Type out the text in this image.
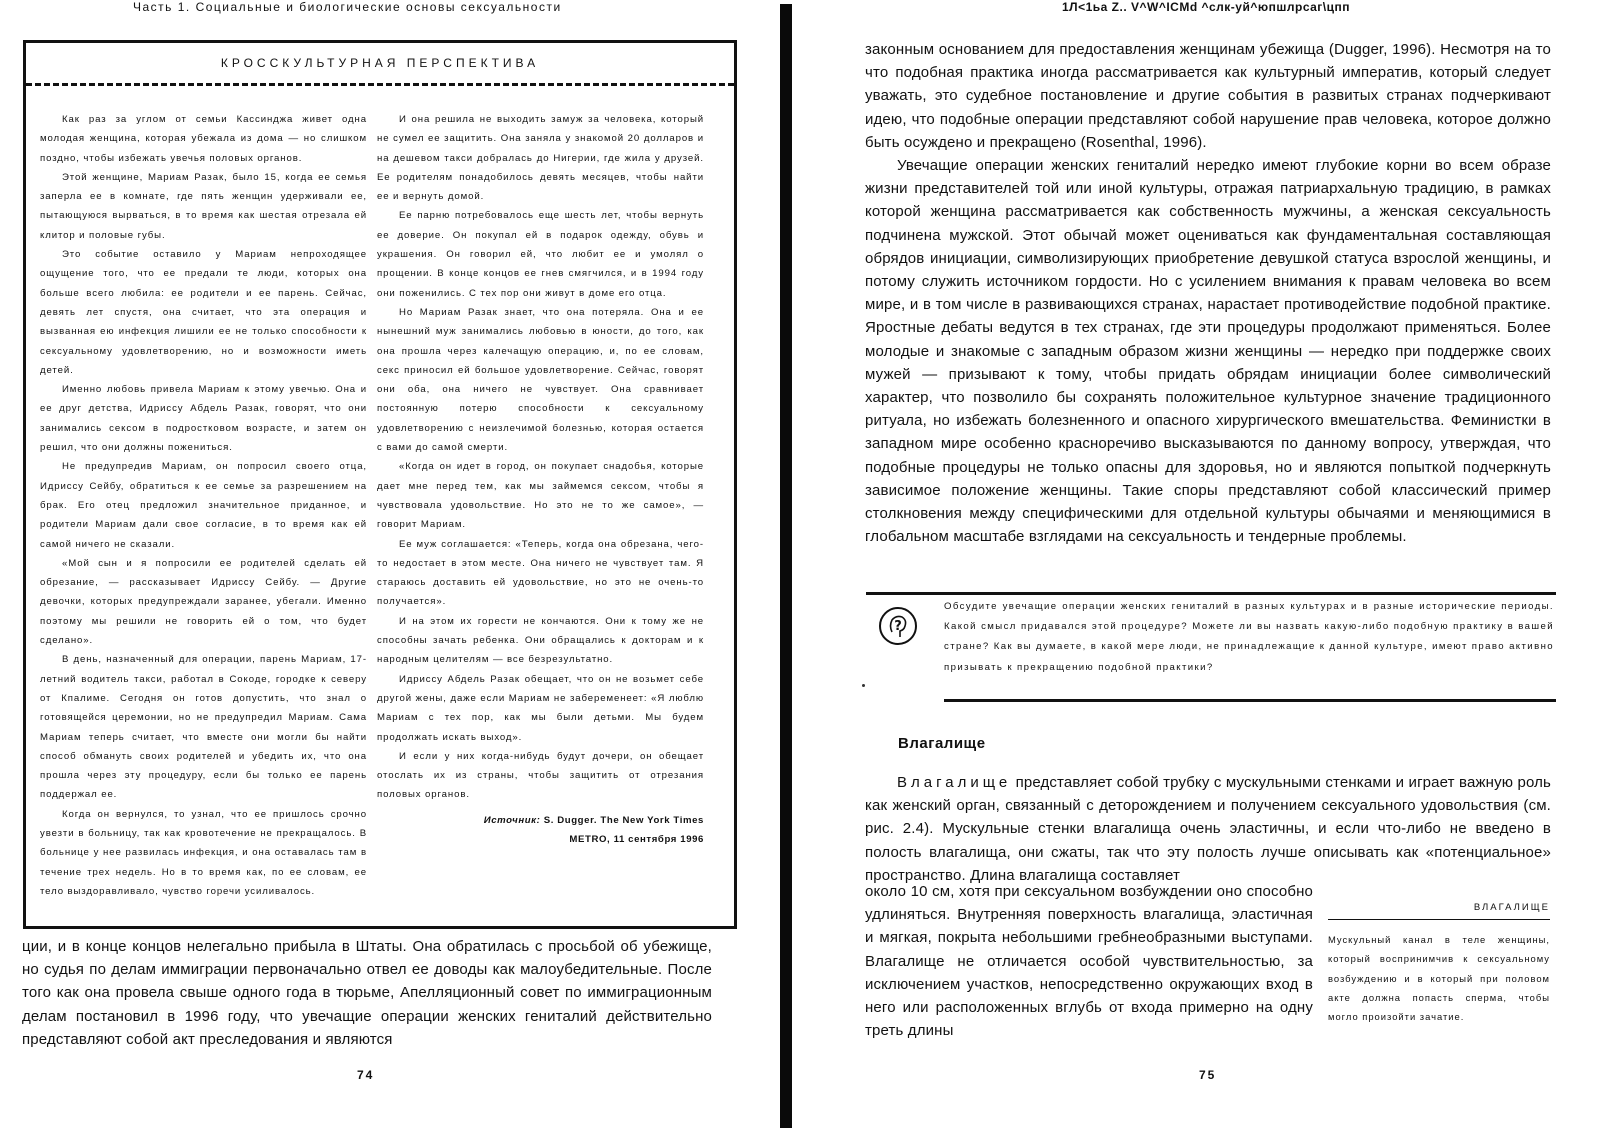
Часть 1. Социальные и биологические основы сексуальности
КРОССКУЛЬТУРНАЯ ПЕРСПЕКТИВА

Как раз за углом от семьи Кассинджа живет одна молодая женщина, которая убежала из дома — но слишком поздно, чтобы избежать увечья половых органов.

Этой женщине, Мариам Разак, было 15, когда ее семья заперла ее в комнате, где пять женщин удерживали ее, пытающуюся вырваться, в то время как шестая отрезала ей клитор и половые губы.

Это событие оставило у Мариам непроходящее ощущение того, что ее предали те люди, которых она больше всего любила: ее родители и ее парень. Сейчас, девять лет спустя, она считает, что эта операция и вызванная ею инфекция лишили ее не только способности к сексуальному удовлетворению, но и возможности иметь детей.

Именно любовь привела Мариам к этому увечью. Она и ее друг детства, Идриссу Абдель Разак, говорят, что они занимались сексом в подростковом возрасте, и затем он решил, что они должны пожениться.

Не предупредив Мариам, он попросил своего отца, Идриссу Сейбу, обратиться к ее семье за разрешением на брак. Его отец предложил значительное приданное, и родители Мариам дали свое согласие, в то время как ей самой ничего не сказали.

«Мой сын и я попросили ее родителей сделать ей обрезание, — рассказывает Идриссу Сейбу. — Другие девочки, которых предупреждали заранее, убегали. Именно поэтому мы решили не говорить ей о том, что будет сделано».

В день, назначенный для операции, парень Мариам, 17-летний водитель такси, работал в Сокоде, городке к северу от Кпалиме. Сегодня он готов допустить, что знал о готовящейся церемонии, но не предупредил Мариам. Сама Мариам теперь считает, что вместе они могли бы найти способ обмануть своих родителей и убедить их, что она прошла через эту процедуру, если бы только ее парень поддержал ее.

Когда он вернулся, то узнал, что ее пришлось срочно увезти в больницу, так как кровотечение не прекращалось. В больнице у нее развилась инфекция, и она оставалась там в течение трех недель. Но в то время как, по ее словам, ее тело выздоравливало, чувство горечи усиливалось.

И она решила не выходить замуж за человека, который не сумел ее защитить. Она заняла у знакомой 20 долларов и на дешевом такси добралась до Нигерии, где жила у друзей. Ее родителям понадобилось девять месяцев, чтобы найти ее и вернуть домой.

Ее парню потребовалось еще шесть лет, чтобы вернуть ее доверие. Он покупал ей в подарок одежду, обувь и украшения. Он говорил ей, что любит ее и умолял о прощении. В конце концов ее гнев смягчился, и в 1994 году они поженились. С тех пор они живут в доме его отца.

Но Мариам Разак знает, что она потеряла. Она и ее нынешний муж занимались любовью в юности, до того, как она прошла через калечащую операцию, и, по ее словам, секс приносил ей большое удовлетворение. Сейчас, говорят они оба, она ничего не чувствует. Она сравнивает постоянную потерю способности к сексуальному удовлетворению с неизлечимой болезнью, которая остается с вами до самой смерти.

«Когда он идет в город, он покупает снадобья, которые дает мне перед тем, как мы займемся сексом, чтобы я чувствовала удовольствие. Но это не то же самое», — говорит Мариам.

Ее муж соглашается: «Теперь, когда она обрезана, чего-то недостает в этом месте. Она ничего не чувствует там. Я стараюсь доставить ей удовольствие, но это не очень-то получается».

И на этом их горести не кончаются. Они к тому же не способны зачать ребенка. Они обращались к докторам и к народным целителям — все безрезультатно.

Идриссу Абдель Разак обещает, что он не возьмет себе другой жены, даже если Мариам не забеременеет: «Я люблю Мариам с тех пор, как мы были детьми. Мы будем продолжать искать выход».

И если у них когда-нибудь будут дочери, он обещает отослать их из страны, чтобы защитить от отрезания половых органов.

Источник: S. Dugger. The New York Times
METRO, 11 сентября 1996

ции, и в конце концов нелегально прибыла в Штаты. Она обратилась с просьбой об убежище, но судья по делам иммиграции первоначально отвел ее доводы как малоубедительные. После того как она провела свыше одного года в тюрьме, Апелляционный совет по иммиграционным делам постановил в 1996 году, что увечащие операции женских гениталий действительно представляют собой акт преследования и являются

74
1Л<1ьа Z.. V^W^ICMd ^слк-уй^юпшлрсаг\цпп

законным основанием для предоставления женщинам убежища (Dugger, 1996). Несмотря на то что подобная практика иногда рассматривается как культурный императив, который следует уважать, это судебное постановление и другие события в развитых странах подчеркивают идею, что подобные операции представляют собой нарушение прав человека, которое должно быть осуждено и прекращено (Rosenthal, 1996).

Увечащие операции женских гениталий нередко имеют глубокие корни во всем образе жизни представителей той или иной культуры, отражая патриархальную традицию, в рамках которой женщина рассматривается как собственность мужчины, а женская сексуальность подчинена мужской. Этот обычай может оцениваться как фундаментальная составляющая обрядов инициации, символизирующих приобретение девушкой статуса взрослой женщины, и потому служить источником гордости. Но с усилением внимания к правам человека во всем мире, и в том числе в развивающихся странах, нарастает противодействие подобной практике. Яростные дебаты ведутся в тех странах, где эти процедуры продолжают применяться. Более молодые и знакомые с западным образом жизни женщины — нередко при поддержке своих мужей — призывают к тому, чтобы придать обрядам инициации более символический характер, что позволило бы сохранять положительное культурное значение традиционного ритуала, но избежать болезненного и опасного хирургического вмешательства. Феминистки в западном мире особенно красноречиво высказываются по данному вопросу, утверждая, что подобные процедуры не только опасны для здоровья, но и являются попыткой подчеркнуть зависимое положение женщины. Такие споры представляют собой классический пример столкновения между специфическими для отдельной культуры обычаями и меняющимися в глобальном масштабе взглядами на сексуальность и тендерные проблемы.

?
Обсудите увечащие операции женских гениталий в разных культурах и в разные исторические периоды. Какой смысл придавался этой процедуре? Можете ли вы назвать какую-либо подобную практику в вашей стране? Как вы думаете, в какой мере люди, не принадлежащие к данной культуре, имеют право активно призывать к прекращению подобной практики?
Влагалище

Влагалище представляет собой трубку с мускульными стенками и играет важную роль как женский орган, связанный с деторождением и получением сексуального удовольствия (см. рис. 2.4). Мускульные стенки влагалища очень эластичны, и если что-либо не введено в полость влагалища, они сжаты, так что эту полость лучше описывать как «потенциальное» пространство. Длина влагалища составляет

около 10 см, хотя при сексуальном возбуждении оно способно удлиняться. Внутренняя поверхность влагалища, эластичная и мягкая, покрыта небольшими гребнеобразными выступами. Влагалище не отличается особой чувствительностью, за исключением участков, непосредственно окружающих вход в него или расположенных вглубь от входа примерно на одну треть длины

ВЛАГАЛИЩЕ
Мускульный канал в теле женщины, который воспринимчив к сексуальному возбуждению и в который при половом акте должна попасть сперма, чтобы могло произойти зачатие.
75
